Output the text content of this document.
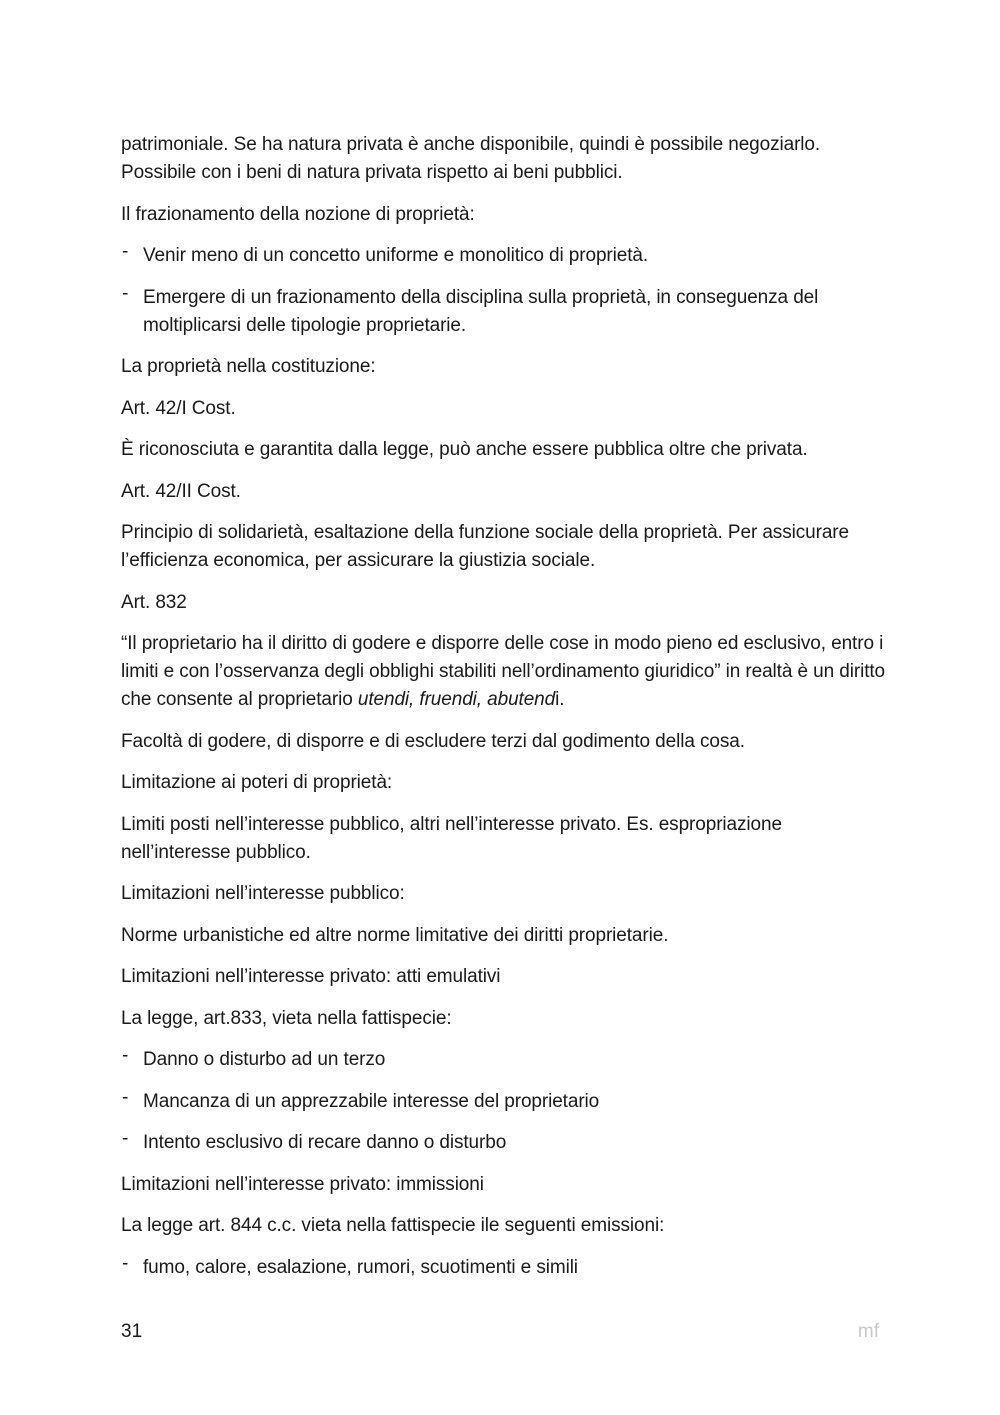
patrimoniale. Se ha natura privata è anche disponibile, quindi è possibile negoziarlo. Possibile con i beni di natura privata rispetto ai beni pubblici.

Il frazionamento della nozione di proprietà:

- Venir meno di un concetto uniforme e monolitico di proprietà.
- Emergere di un frazionamento della disciplina sulla proprietà, in conseguenza del moltiplicarsi delle tipologie proprietarie.

La proprietà nella costituzione:

Art. 42/I Cost.

È riconosciuta e garantita dalla legge, può anche essere pubblica oltre che privata.

Art. 42/II Cost.

Principio di solidarietà, esaltazione della funzione sociale della proprietà. Per assicurare l’efficienza economica, per assicurare la giustizia sociale.

Art. 832

“Il proprietario ha il diritto di godere e disporre delle cose in modo pieno ed esclusivo, entro i limiti e con l’osservanza degli obblighi stabiliti nell’ordinamento giuridico” in realtà è un diritto che consente al proprietario utendi, fruendi, abutendi.

Facoltà di godere, di disporre e di escludere terzi dal godimento della cosa.

Limitazione ai poteri di proprietà:

Limiti posti nell’interesse pubblico, altri nell’interesse privato. Es. espropriazione nell’interesse pubblico.

Limitazioni nell’interesse pubblico:

Norme urbanistiche ed altre norme limitative dei diritti proprietarie.

Limitazioni nell’interesse privato: atti emulativi

La legge, art.833, vieta nella fattispecie:

- Danno o disturbo ad un terzo
- Mancanza di un apprezzabile interesse del proprietario
- Intento esclusivo di recare danno o disturbo

Limitazioni nell’interesse privato: immissioni

La legge art. 844 c.c. vieta nella fattispecie ile seguenti emissioni:

- fumo, calore, esalazione, rumori, scuotimenti e simili
31	mf
